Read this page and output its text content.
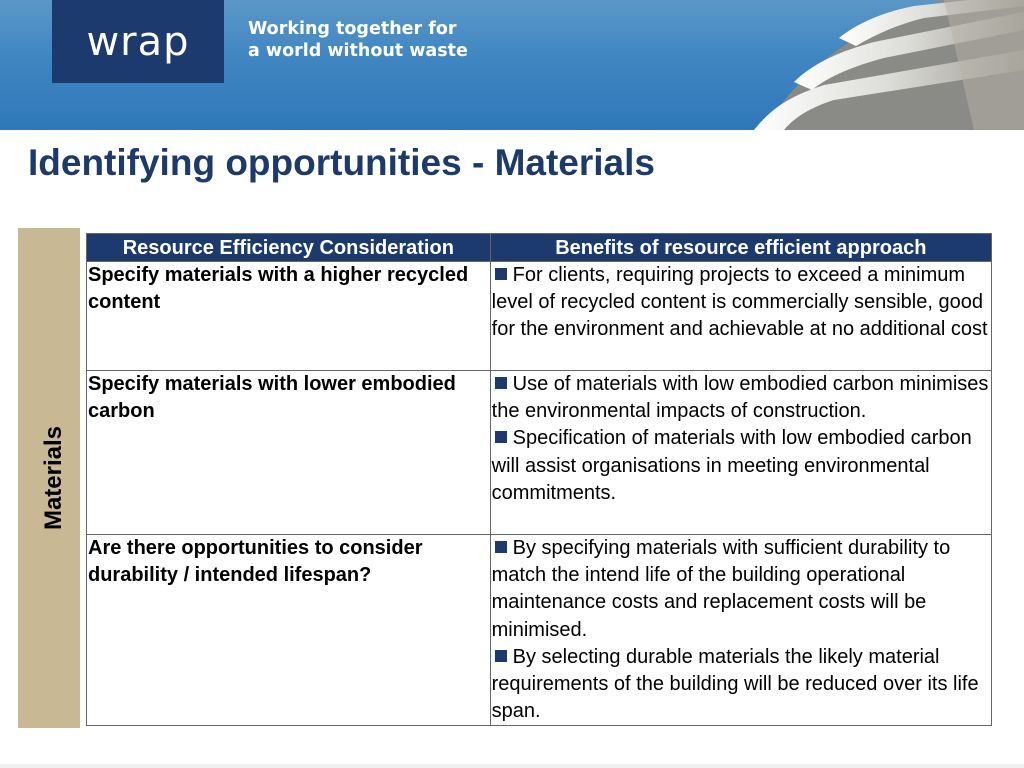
wrap	Working together for
a world without waste
Identifying opportunities - Materials
Materials
Resource Efficiency Consideration	Benefits of resource efficient approach
Specify materials with a higher recycled content	For clients, requiring projects to exceed a minimum level of recycled content is commercially sensible, good for the environment and achievable at no additional cost

Specify materials with lower embodied carbon	Use of materials with low embodied carbon minimises the environmental impacts of construction.
Specification of materials with low embodied carbon will assist organisations in meeting environmental commitments.

Are there opportunities to consider durability / intended lifespan?	By specifying materials with sufficient durability to match the intend life of the building operational maintenance costs and replacement costs will be minimised.
By selecting durable materials the likely material requirements of the building will be reduced over its life span.
